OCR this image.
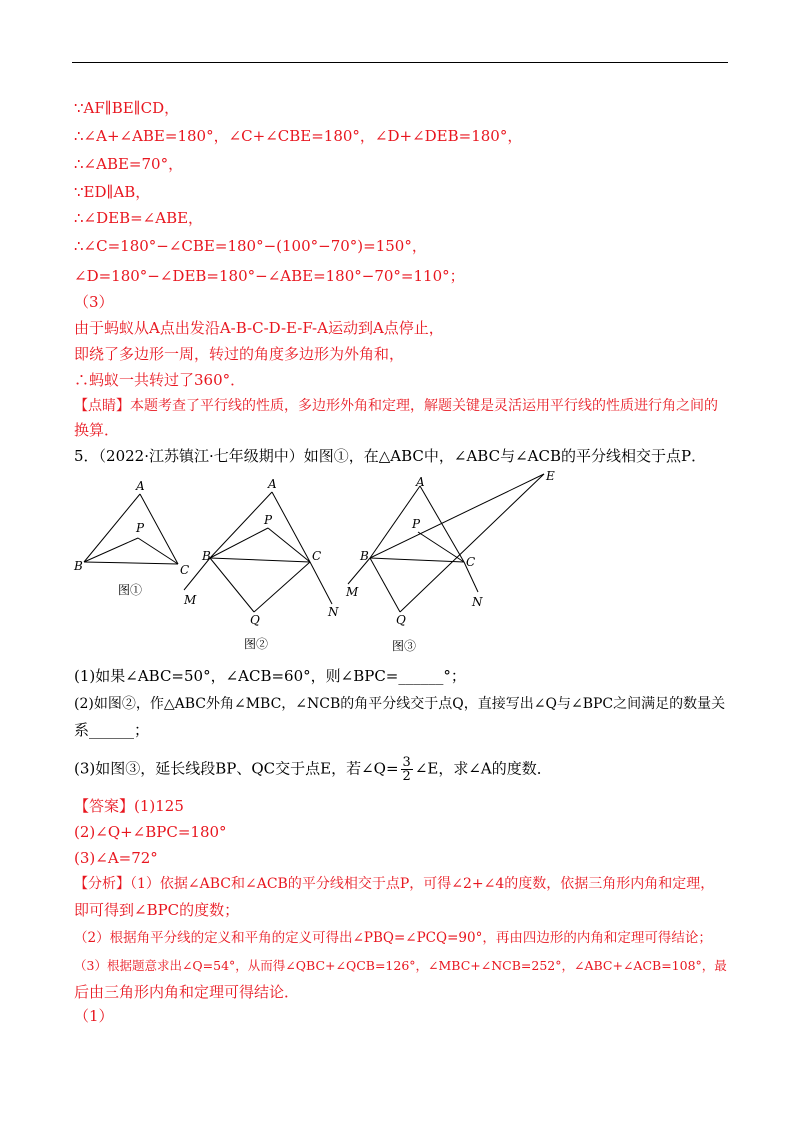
∵AF∥BE∥CD，
∴∠A+∠ABE=180°，∠C+∠CBE=180°，∠D+∠DEB=180°，
∴∠ABE=70°，
∵ED∥AB，
∴∠DEB=∠ABE，
∴∠C=180°−∠CBE=180°−(100°−70°)=150°，
∠D=180°−∠DEB=180°−∠ABE=180°−70°=110°；
（3）
由于蚂蚁从A点出发沿A-B-C-D-E-F-A运动到A点停止，
即绕了多边形一周，转过的角度多边形为外角和，
∴蚂蚁一共转过了360°．
【点睛】本题考查了平行线的性质，多边形外角和定理，解题关键是灵活运用平行线的性质进行角之间的
换算．
5．（2022·江苏镇江·七年级期中）如图①，在△ABC中，∠ABC与∠ACB的平分线相交于点P．
A
B	C
P
图①
A
B	C
P
Q
M
N
图②
A
B	C
P
Q
M
N
E
图③
(1)如果∠ABC=50°，∠ACB=60°，则∠BPC=______°；
(2)如图②，作△ABC外角∠MBC，∠NCB的角平分线交于点Q，直接写出∠Q与∠BPC之间满足的数量关
系______；
(3)如图③，延长线段BP、QC交于点E，若∠Q= $\frac{3}{2}$ ∠E，求∠A的度数．
【答案】(1)125
(2)∠Q+∠BPC=180°
(3)∠A=72°
【分析】（1）依据∠ABC和∠ACB的平分线相交于点P，可得∠2+∠4的度数，依据三角形内角和定理，
即可得到∠BPC的度数；
（2）根据角平分线的定义和平角的定义可得出∠PBQ=∠PCQ=90°，再由四边形的内角和定理可得结论；
（3）根据题意求出∠Q=54°，从而得∠QBC+∠QCB=126°，∠MBC+∠NCB=252°，∠ABC+∠ACB=108°，最
后由三角形内角和定理可得结论．
（1）
